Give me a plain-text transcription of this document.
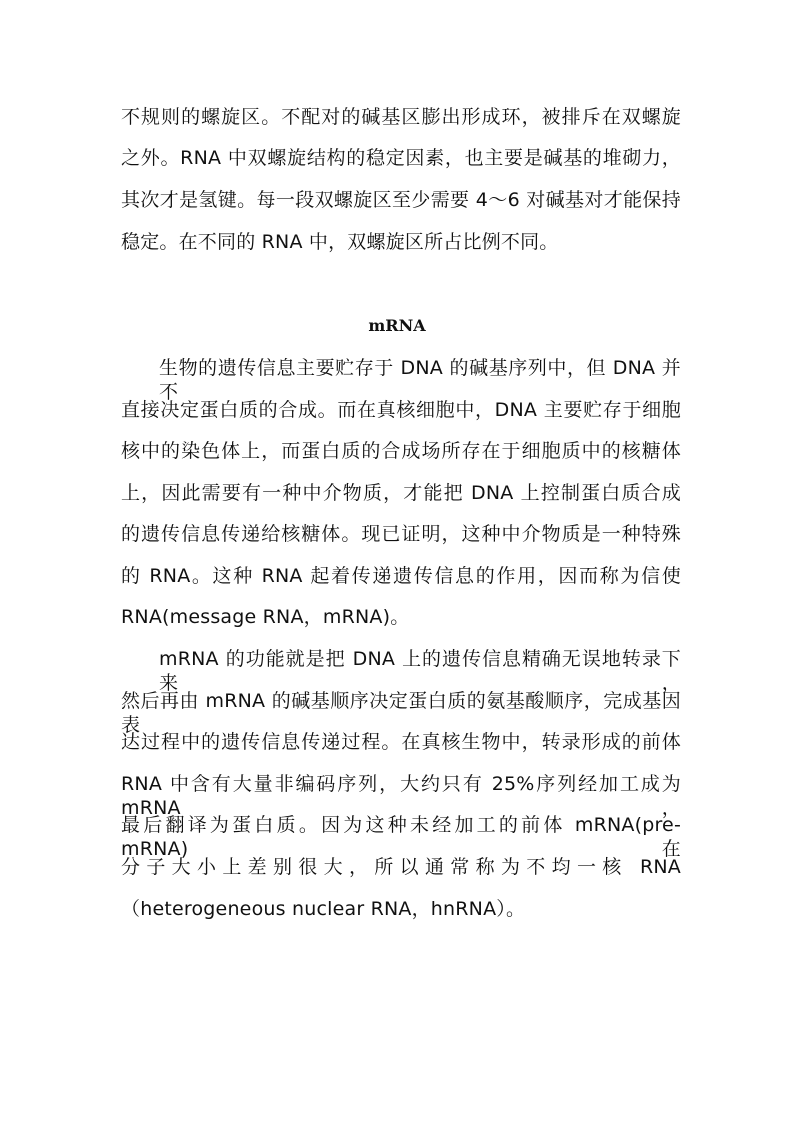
不规则的螺旋区。不配对的碱基区膨出形成环，被排斥在双螺旋
之外。RNA 中双螺旋结构的稳定因素，也主要是碱基的堆砌力，
其次才是氢键。每一段双螺旋区至少需要 4～6 对碱基对才能保持
稳定。在不同的 RNA 中，双螺旋区所占比例不同。
mRNA
生物的遗传信息主要贮存于 DNA 的碱基序列中，但 DNA 并不
直接决定蛋白质的合成。而在真核细胞中，DNA 主要贮存于细胞
核中的染色体上，而蛋白质的合成场所存在于细胞质中的核糖体
上，因此需要有一种中介物质，才能把 DNA 上控制蛋白质合成
的遗传信息传递给核糖体。现已证明，这种中介物质是一种特殊
的 RNA。这种 RNA 起着传递遗传信息的作用，因而称为信使
RNA(message RNA，mRNA)。
mRNA 的功能就是把 DNA 上的遗传信息精确无误地转录下来，
然后再由 mRNA 的碱基顺序决定蛋白质的氨基酸顺序，完成基因表
达过程中的遗传信息传递过程。在真核生物中，转录形成的前体
RNA 中含有大量非编码序列，大约只有 25%序列经加工成为 mRNA，
最后翻译为蛋白质。因为这种未经加工的前体 mRNA(pre-mRNA)在
分子大小上差别很大，所以通常称为不均一核 RNA
（heterogeneous nuclear RNA，hnRNA）。
